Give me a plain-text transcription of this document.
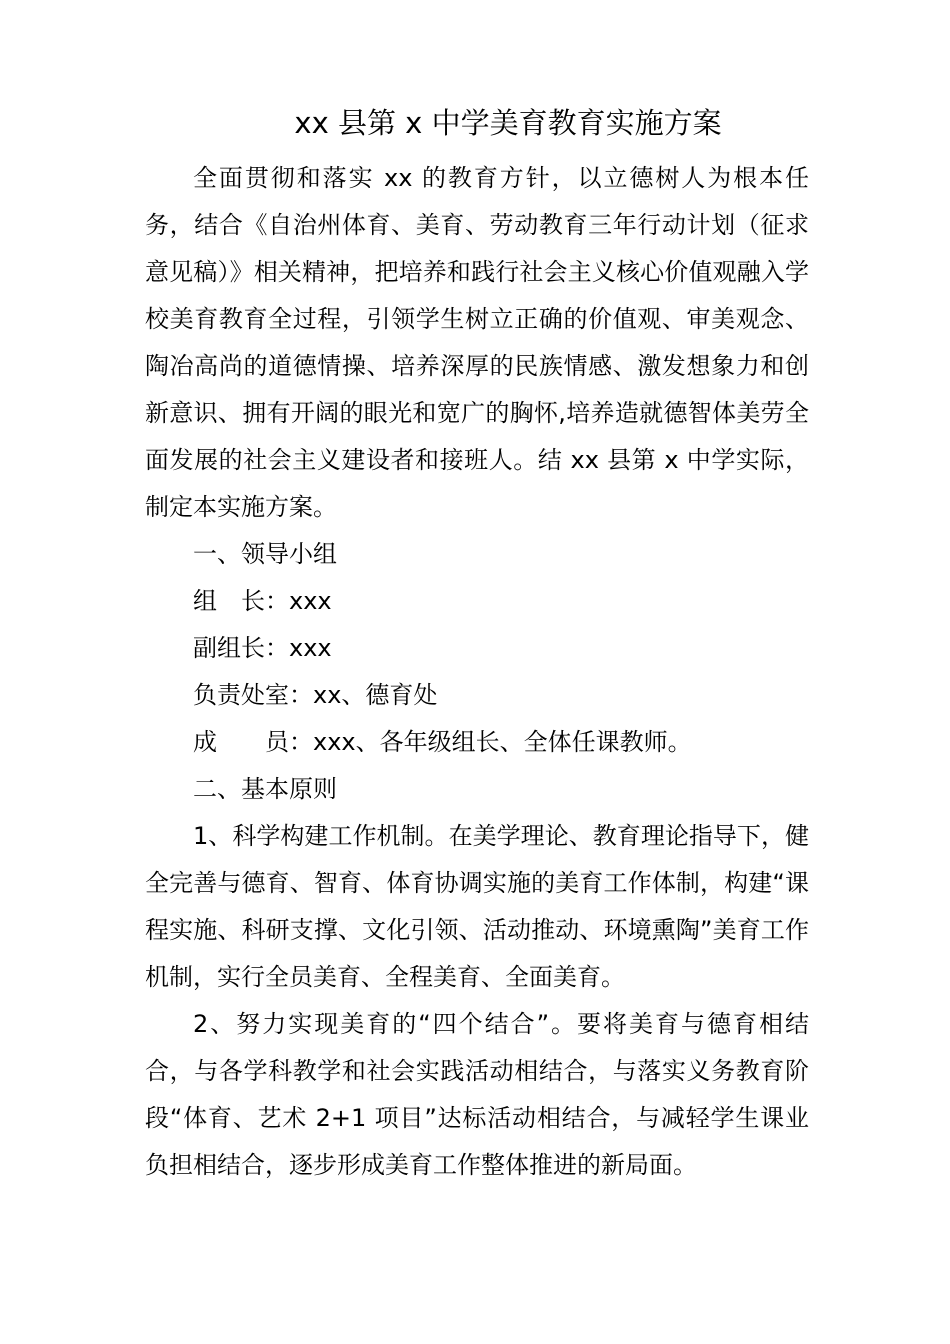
xx 县第 x 中学美育教育实施方案

全面贯彻和落实 xx 的教育方针，以立德树人为根本任务，结合《自治州体育、美育、劳动教育三年行动计划（征求意见稿）》相关精神，把培养和践行社会主义核心价值观融入学校美育教育全过程，引领学生树立正确的价值观、审美观念、陶冶高尚的道德情操、培养深厚的民族情感、激发想象力和创新意识、拥有开阔的眼光和宽广的胸怀,培养造就德智体美劳全面发展的社会主义建设者和接班人。结 xx 县第 x 中学实际，制定本实施方案。

一、领导小组

组　长：xxx

副组长：xxx

负责处室：xx、德育处

成　　员：xxx、各年级组长、全体任课教师。

二、基本原则

1、科学构建工作机制。在美学理论、教育理论指导下，健全完善与德育、智育、体育协调实施的美育工作体制，构建“课程实施、科研支撑、文化引领、活动推动、环境熏陶”美育工作机制，实行全员美育、全程美育、全面美育。

2、努力实现美育的“四个结合”。要将美育与德育相结合，与各学科教学和社会实践活动相结合，与落实义务教育阶段“体育、艺术 2+1 项目”达标活动相结合，与减轻学生课业负担相结合，逐步形成美育工作整体推进的新局面。
